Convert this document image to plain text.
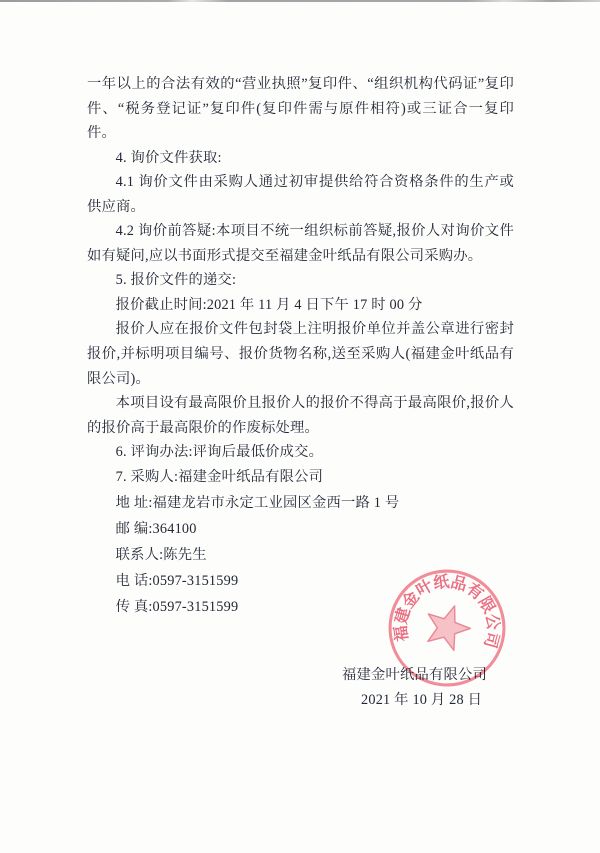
一年以上的合法有效的“营业执照”复印件、“组织机构代码证”复印件、“税务登记证”复印件(复印件需与原件相符)或三证合一复印件。

4. 询价文件获取:

4.1 询价文件由采购人通过初审提供给符合资格条件的生产或供应商。

4.2 询价前答疑:本项目不统一组织标前答疑,报价人对询价文件如有疑问,应以书面形式提交至福建金叶纸品有限公司采购办。

5. 报价文件的递交:

报价截止时间:2021 年 11 月 4 日下午 17 时 00 分

报价人应在报价文件包封袋上注明报价单位并盖公章进行密封报价,并标明项目编号、报价货物名称,送至采购人(福建金叶纸品有限公司)。

本项目设有最高限价且报价人的报价不得高于最高限价,报价人的报价高于最高限价的作废标处理。

6. 评询办法:评询后最低价成交。

7. 采购人:福建金叶纸品有限公司

地 址:福建龙岩市永定工业园区金西一路 1 号

邮 编:364100

联系人:陈先生

电 话:0597-3151599

传 真:0597-3151599

福建金叶纸品有限公司
2021 年 10 月 28 日
福建金叶纸品有限公司
